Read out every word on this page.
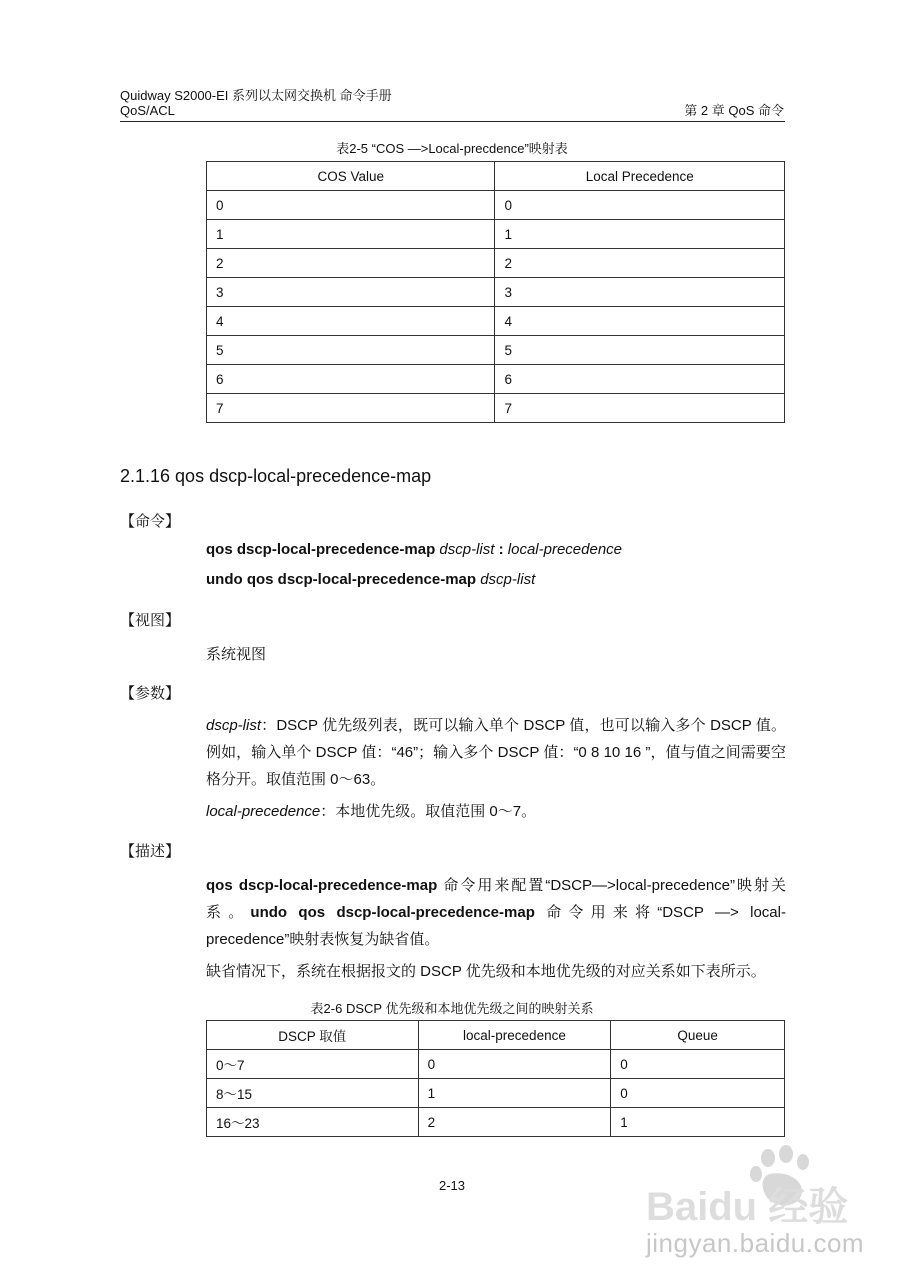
Quidway S2000-EI 系列以太网交换机 命令手册
QoS/ACL	第 2 章 QoS 命令
表2-5 “COS —>Local-precdence”映射表
COS Value	Local Precedence
0	0
1	1
2	2
3	3
4	4
5	5
6	6
7	7
2.1.16 qos dscp-local-precedence-map
【命令】
qos dscp-local-precedence-map dscp-list : local-precedence
undo qos dscp-local-precedence-map dscp-list
【视图】
系统视图
【参数】
dscp-list：DSCP 优先级列表，既可以输入单个 DSCP 值，也可以输入多个 DSCP 值。例如，输入单个 DSCP 值：“46”；输入多个 DSCP 值：“0 8 10 16 ”，值与值之间需要空格分开。取值范围 0～63。
local-precedence：本地优先级。取值范围 0～7。
【描述】
qos dscp-local-precedence-map 命令用来配置“DSCP—>local-precedence”映射关系。undo qos dscp-local-precedence-map 命令用来将“DSCP —> local-precedence”映射表恢复为缺省值。
缺省情况下，系统在根据报文的 DSCP 优先级和本地优先级的对应关系如下表所示。
表2-6 DSCP 优先级和本地优先级之间的映射关系
DSCP 取值	local-precedence	Queue
0～7	0	0
8～15	1	0
16～23	2	1
2-13	Baidu 经验
jingyan.baidu.com
